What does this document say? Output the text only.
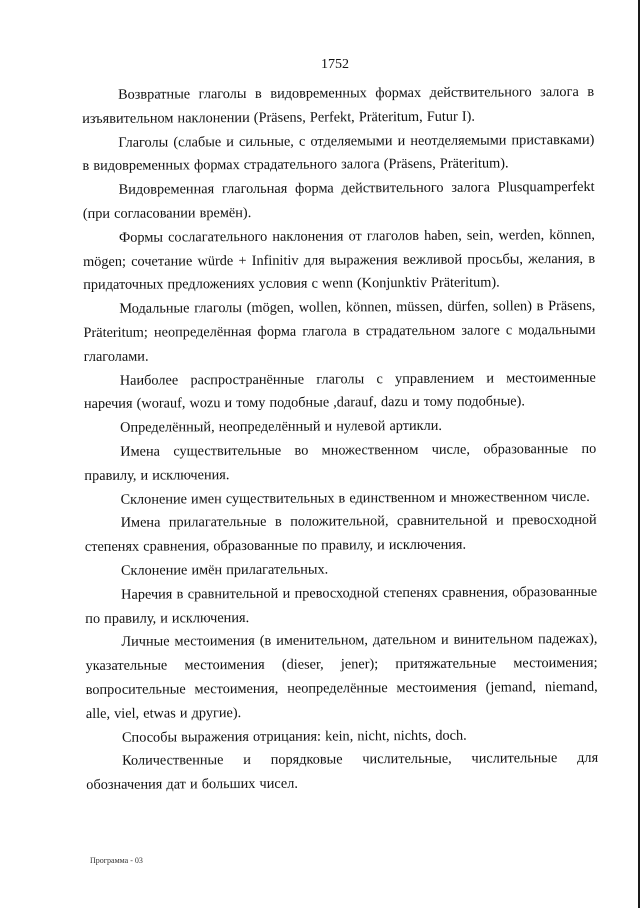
1752

Возвратные глаголы в видовременных формах действительного залога в изъявительном наклонении (Präsens, Perfekt, Präteritum, Futur I).

Глаголы (слабые и сильные, с отделяемыми и неотделяемыми приставками) в видовременных формах страдательного залога (Präsens, Präteritum).

Видовременная глагольная форма действительного залога Plusquamperfekt (при согласовании времён).

Формы сослагательного наклонения от глаголов haben, sein, werden, können, mögen; сочетание würde + Infinitiv для выражения вежливой просьбы, желания, в придаточных предложениях условия с wenn (Konjunktiv Präteritum).

Модальные глаголы (mögen, wollen, können, müssen, dürfen, sollen) в Präsens, Präteritum; неопределённая форма глагола в страдательном залоге с модальными глаголами.

Наиболее распространённые глаголы с управлением и местоименные наречия (worauf, wozu и тому подобные ,darauf, dazu и тому подобные).

Определённый, неопределённый и нулевой артикли.

Имена существительные во множественном числе, образованные по правилу, и исключения.

Склонение имен существительных в единственном и множественном числе.

Имена прилагательные в положительной, сравнительной и превосходной степенях сравнения, образованные по правилу, и исключения.

Склонение имён прилагательных.

Наречия в сравнительной и превосходной степенях сравнения, образованные по правилу, и исключения.

Личные местоимения (в именительном, дательном и винительном падежах), указательные местоимения (dieser, jener); притяжательные местоимения; вопросительные местоимения, неопределённые местоимения (jemand, niemand, alle, viel, etwas и другие).

Способы выражения отрицания: kein, nicht, nichts, doch.

Количественные и порядковые числительные, числительные для обозначения дат и больших чисел.

Программа - 03
